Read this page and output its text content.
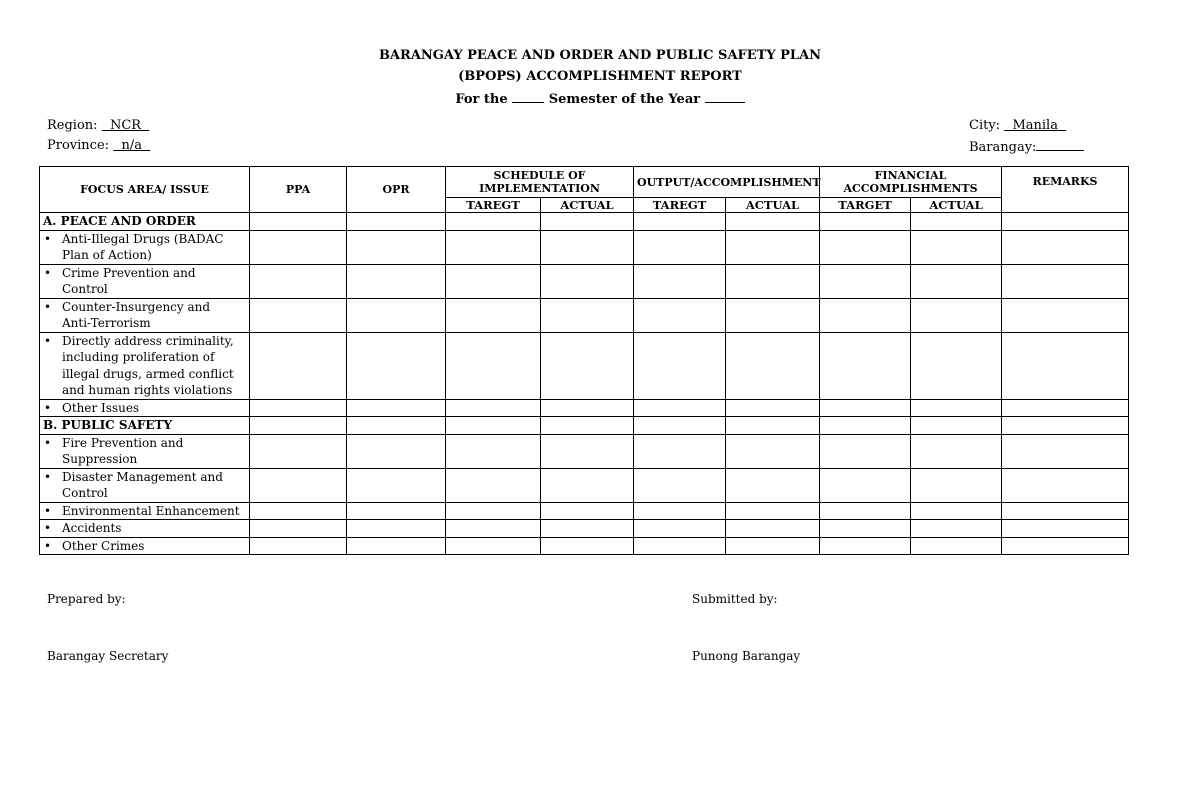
BARANGAY PEACE AND ORDER AND PUBLIC SAFETY PLAN
(BPOPS) ACCOMPLISHMENT REPORT
For the	Semester of the Year
Region: NCR
Province: n/a
City: Manila
Barangay:
FOCUS AREA/ ISSUE	PPA	OPR	SCHEDULE OF IMPLEMENTATION		OUTPUT/ACCOMPLISHMENT		FINANCIAL ACCOMPLISHMENTS		REMARKS
			TAREGT	ACTUAL	TAREGT	ACTUAL	TARGET	ACTUAL	
A. PEACE AND ORDER									
• Anti-Illegal Drugs (BADAC Plan of Action)									
• Crime Prevention and Control									
• Counter-Insurgency and Anti-Terrorism									
• Directly address criminality, including proliferation of illegal drugs, armed conflict and human rights violations									
• Other Issues									
B. PUBLIC SAFETY									
• Fire Prevention and Suppression									
• Disaster Management and Control									
• Environmental Enhancement									
• Accidents									
• Other Crimes									
Prepared by:	Submitted by:
Barangay Secretary	Punong Barangay
